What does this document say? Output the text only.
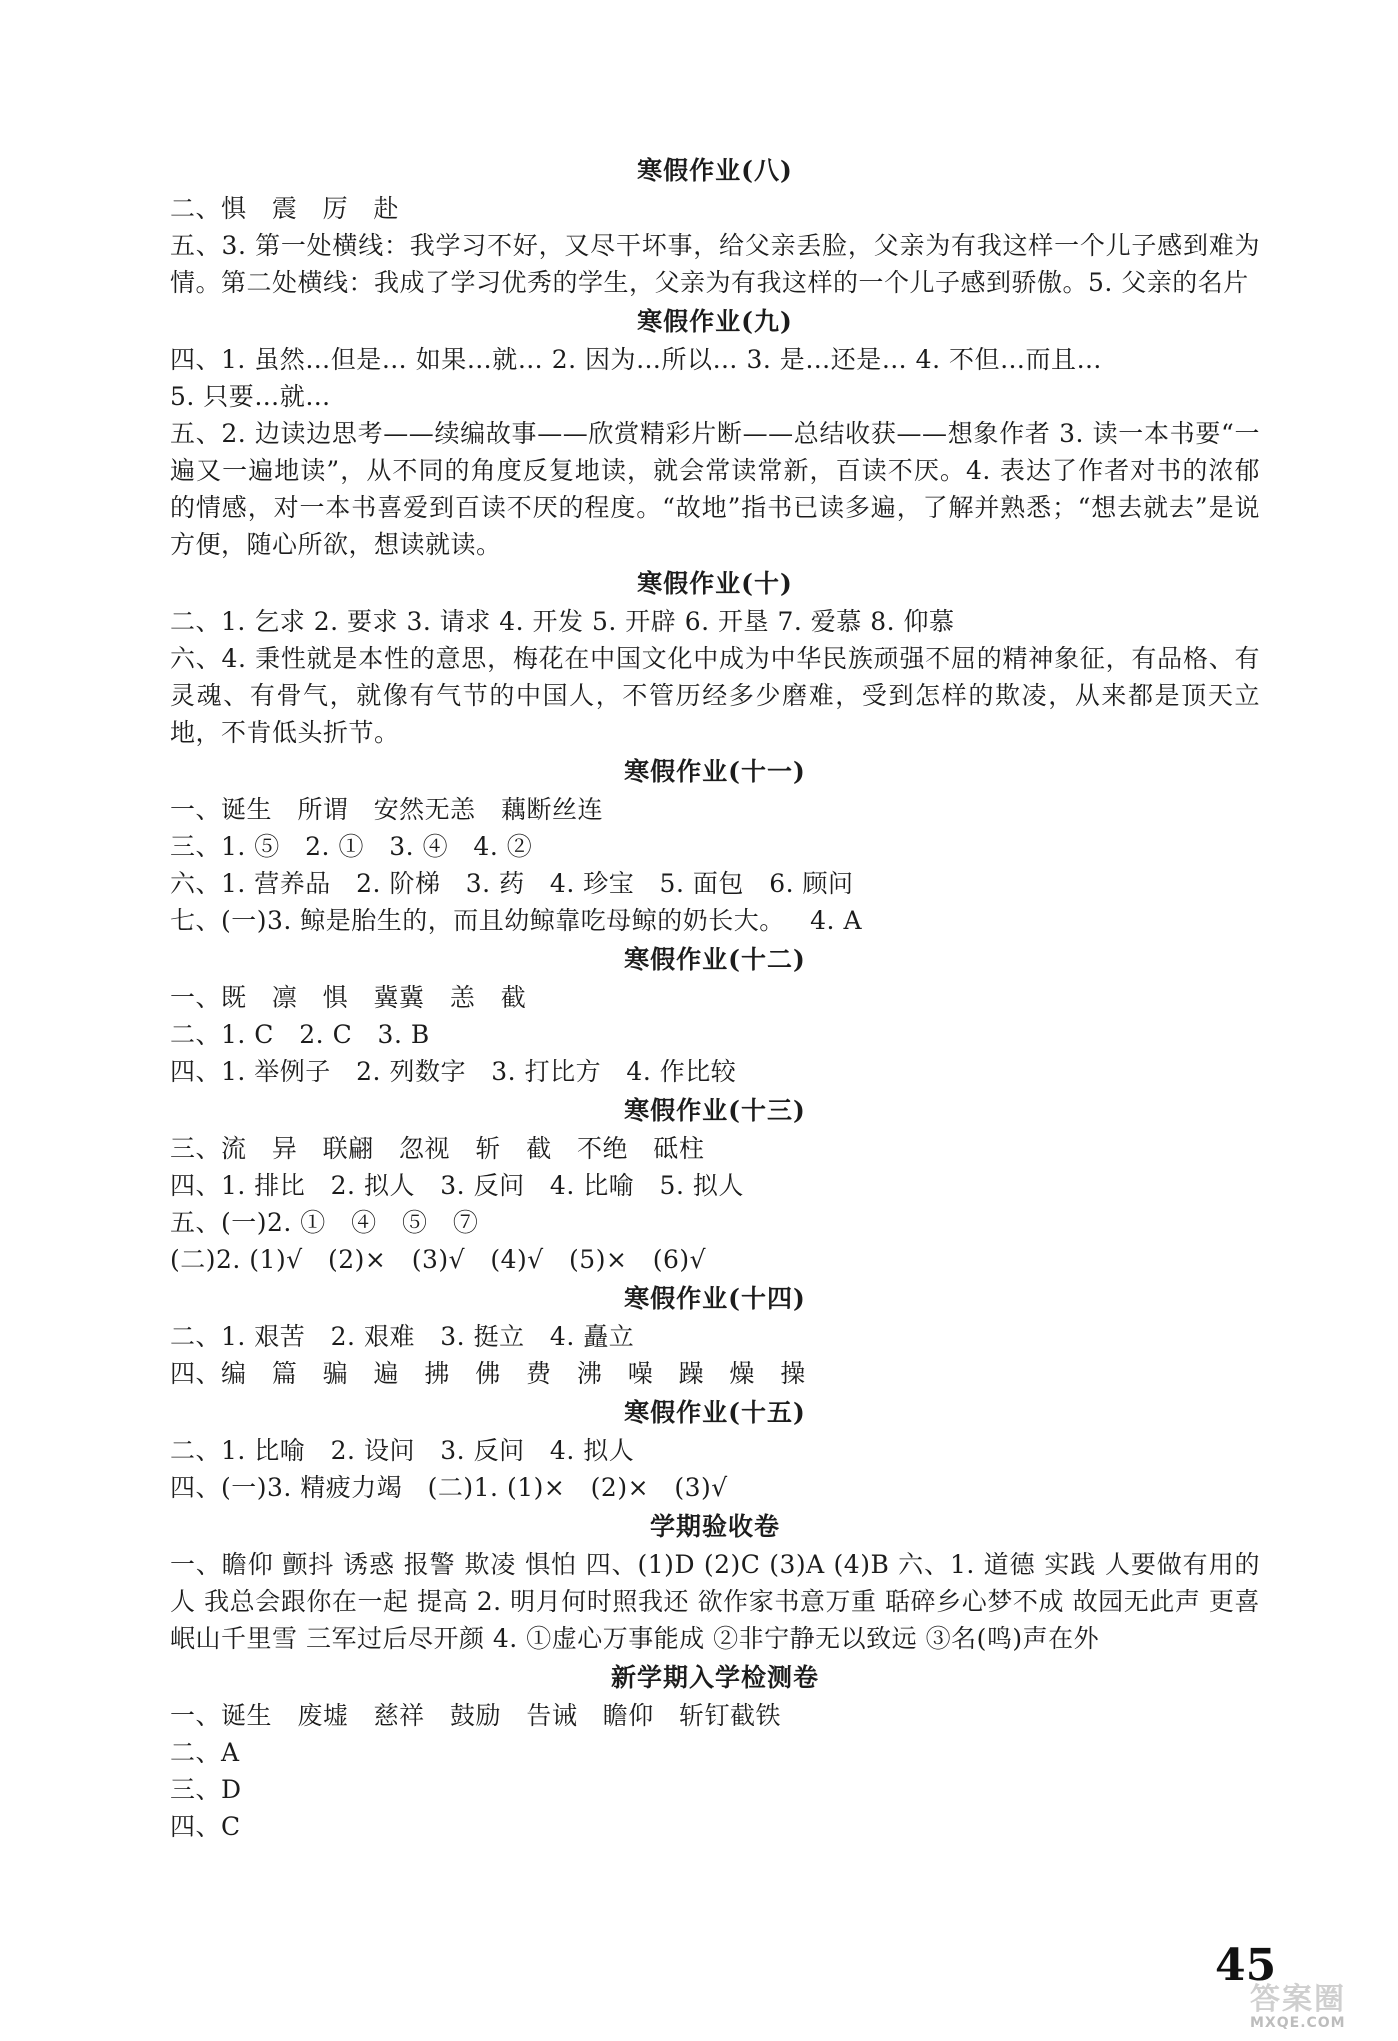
寒假作业(八)
二、惧   震   厉   赴
五、3. 第一处横线：我学习不好，又尽干坏事，给父亲丢脸，父亲为有我这样一个儿子感到难为情。第二处横线：我成了学习优秀的学生，父亲为有我这样的一个儿子感到骄傲。5. 父亲的名片
寒假作业(九)
四、1. 虽然…但是… 如果…就… 2. 因为…所以… 3. 是…还是… 4. 不但…而且…
5. 只要…就…
五、2. 边读边思考——续编故事——欣赏精彩片断——总结收获——想象作者 3. 读一本书要“一遍又一遍地读”，从不同的角度反复地读，就会常读常新，百读不厌。4. 表达了作者对书的浓郁的情感，对一本书喜爱到百读不厌的程度。“故地”指书已读多遍，了解并熟悉；“想去就去”是说方便，随心所欲，想读就读。
寒假作业(十)
二、1. 乞求 2. 要求 3. 请求 4. 开发 5. 开辟 6. 开垦 7. 爱慕 8. 仰慕
六、4. 秉性就是本性的意思，梅花在中国文化中成为中华民族顽强不屈的精神象征，有品格、有灵魂、有骨气，就像有气节的中国人，不管历经多少磨难，受到怎样的欺凌，从来都是顶天立地，不肯低头折节。
寒假作业(十一)
一、诞生   所谓   安然无恙   藕断丝连
三、1. ⑤   2. ①   3. ④   4. ②
六、1. 营养品   2. 阶梯   3. 药   4. 珍宝   5. 面包   6. 顾问
七、(一)3. 鲸是胎生的，而且幼鲸靠吃母鲸的奶长大。   4. A
寒假作业(十二)
一、既   凛   惧   冀冀   恙   截
二、1. C   2. C   3. B
四、1. 举例子   2. 列数字   3. 打比方   4. 作比较
寒假作业(十三)
三、流   异   联翩   忽视   斩   截   不绝   砥柱
四、1. 排比   2. 拟人   3. 反问   4. 比喻   5. 拟人
五、(一)2. ①   ④   ⑤   ⑦
(二)2. (1)√   (2)×   (3)√   (4)√   (5)×   (6)√
寒假作业(十四)
二、1. 艰苦   2. 艰难   3. 挺立   4. 矗立
四、编   篇   骗   遍   拂   佛   费   沸   噪   躁   燥   操
寒假作业(十五)
二、1. 比喻   2. 设问   3. 反问   4. 拟人
四、(一)3. 精疲力竭   (二)1. (1)×   (2)×   (3)√
学期验收卷
一、瞻仰 颤抖 诱惑 报警 欺凌 惧怕 四、(1)D (2)C (3)A (4)B 六、1. 道德 实践 人要做有用的人 我总会跟你在一起 提高 2. 明月何时照我还 欲作家书意万重 聒碎乡心梦不成 故园无此声 更喜岷山千里雪 三军过后尽开颜 4. ①虚心万事能成 ②非宁静无以致远 ③名(鸣)声在外
新学期入学检测卷
一、诞生   废墟   慈祥   鼓励   告诫   瞻仰   斩钉截铁
二、A
三、D
四、C
45
答案圈
MXQE.COM
